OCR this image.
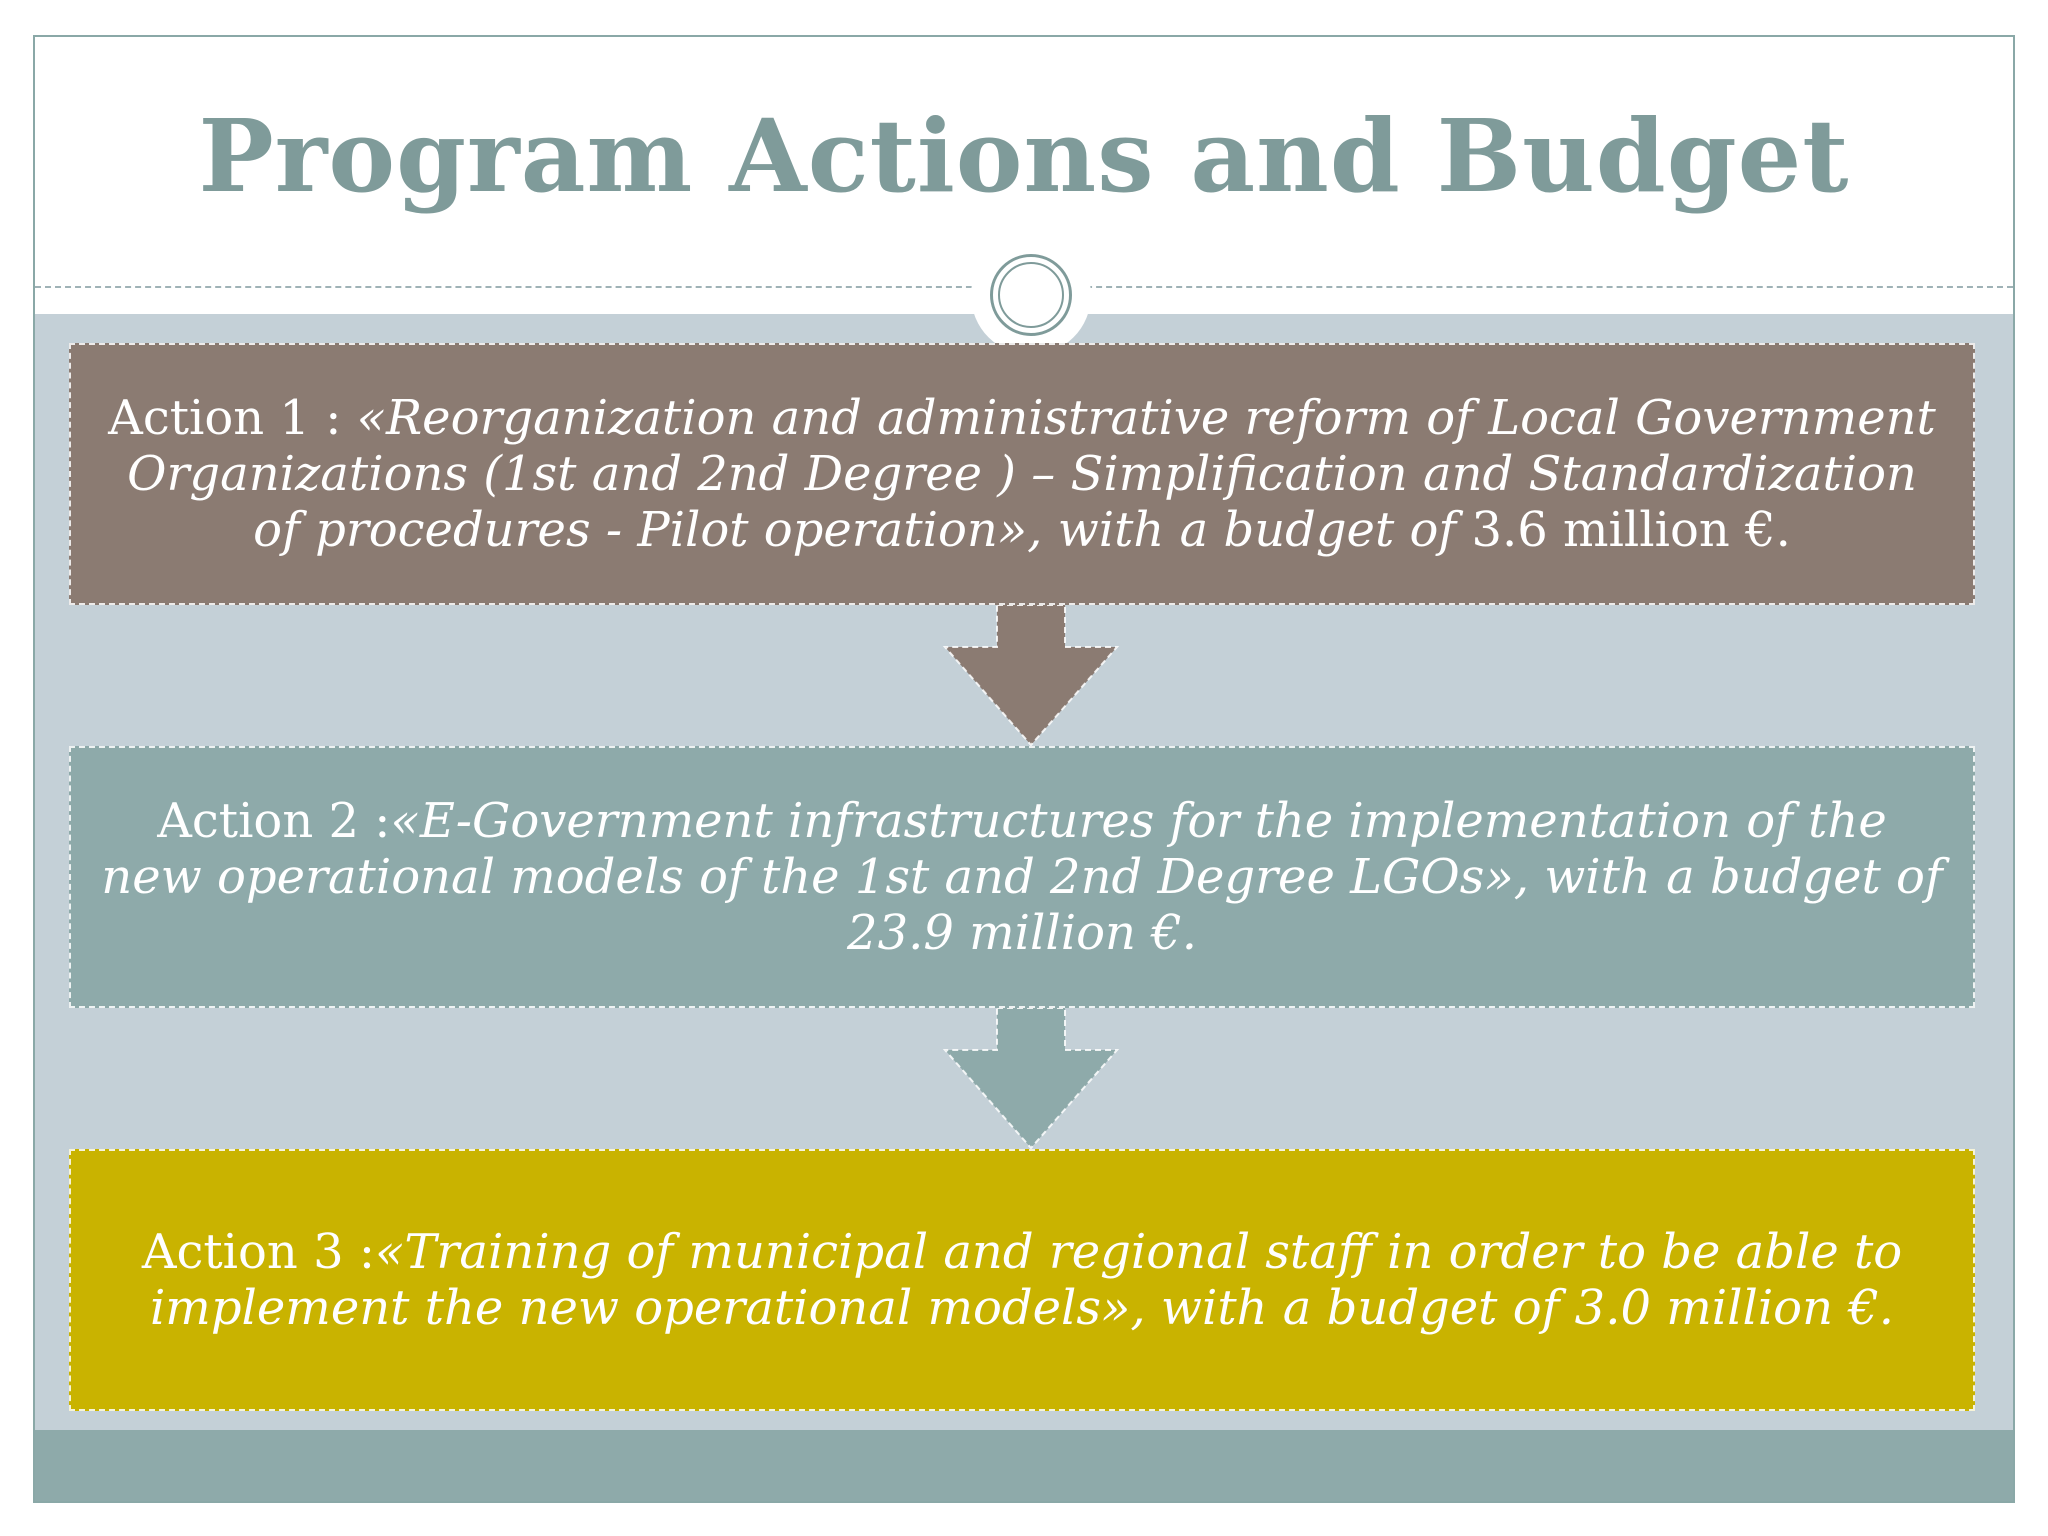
Program Actions and Budget
Action 1 : «Reorganization and administrative reform of Local Government Organizations (1st and 2nd Degree ) – Simplification and Standardization of procedures - Pilot operation», with a budget of 3.6 million €.
Action 2 :«E-Government infrastructures for the implementation of the new operational models of the 1st and 2nd Degree LGOs», with a budget of 23.9 million €.
Action 3 :«Training of municipal and regional staff in order to be able to implement the new operational models», with a budget of 3.0 million €.
